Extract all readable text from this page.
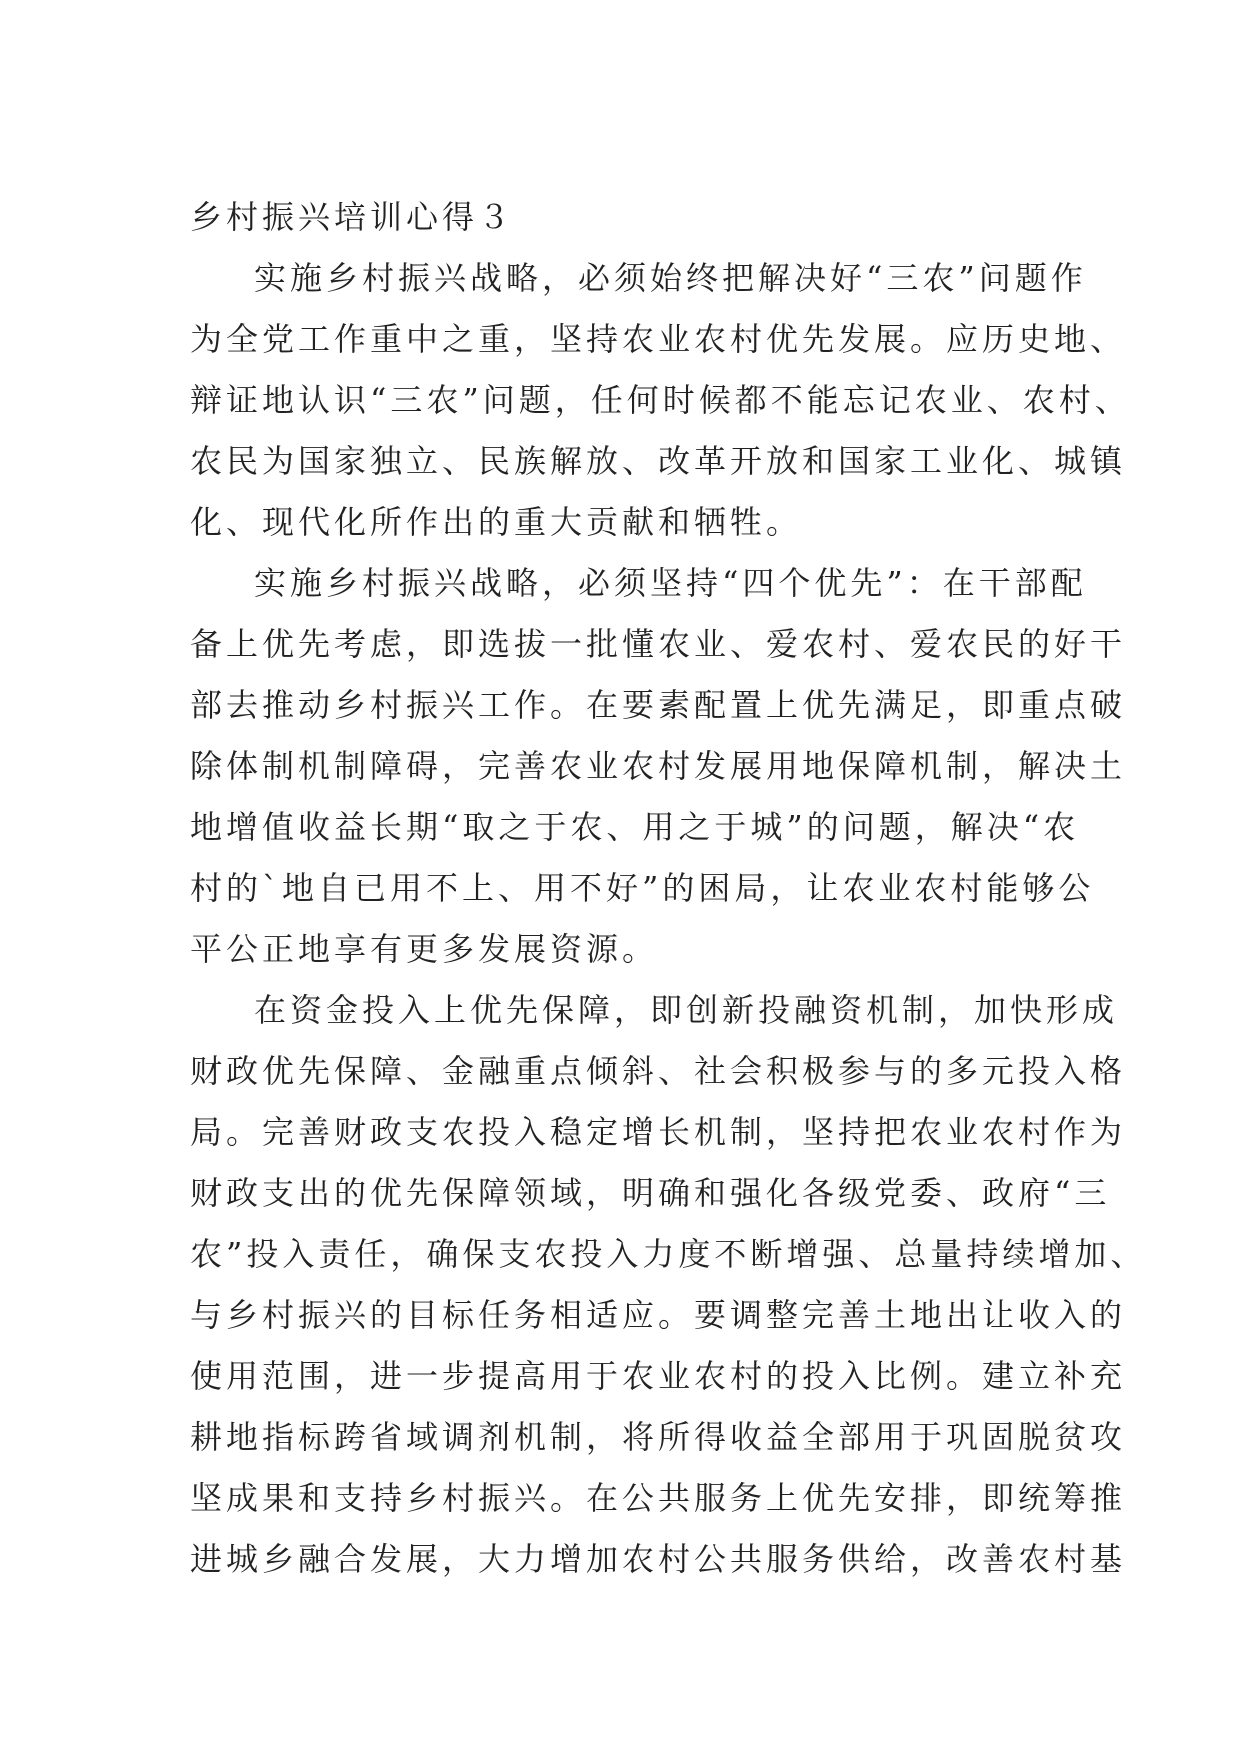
乡村振兴培训心得３

实施乡村振兴战略，必须始终把解决好“三农”问题作
为全党工作重中之重，坚持农业农村优先发展。应历史地、
辩证地认识“三农”问题，任何时候都不能忘记农业、农村、
农民为国家独立、民族解放、改革开放和国家工业化、城镇
化、现代化所作出的重大贡献和牺牲。

实施乡村振兴战略，必须坚持“四个优先”：在干部配
备上优先考虑，即选拔一批懂农业、爱农村、爱农民的好干
部去推动乡村振兴工作。在要素配置上优先满足，即重点破
除体制机制障碍，完善农业农村发展用地保障机制，解决土
地增值收益长期“取之于农、用之于城”的问题，解决“农
村的`地自已用不上、用不好”的困局，让农业农村能够公
平公正地享有更多发展资源。

在资金投入上优先保障，即创新投融资机制，加快形成
财政优先保障、金融重点倾斜、社会积极参与的多元投入格
局。完善财政支农投入稳定增长机制，坚持把农业农村作为
财政支出的优先保障领域，明确和强化各级党委、政府“三
农”投入责任，确保支农投入力度不断增强、总量持续增加、
与乡村振兴的目标任务相适应。要调整完善土地出让收入的
使用范围，进一步提高用于农业农村的投入比例。建立补充
耕地指标跨省域调剂机制，将所得收益全部用于巩固脱贫攻
坚成果和支持乡村振兴。在公共服务上优先安排，即统筹推
进城乡融合发展，大力增加农村公共服务供给，改善农村基
